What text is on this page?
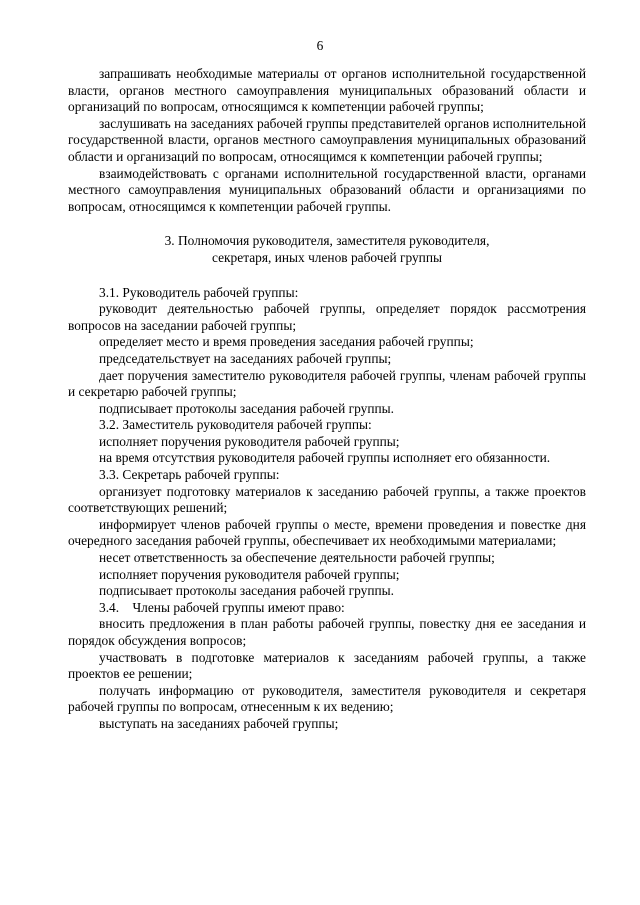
6

запрашивать необходимые материалы от органов исполнительной государственной власти, органов местного самоуправления муниципальных образований области и организаций по вопросам, относящимся к компетенции рабочей группы;

заслушивать на заседаниях рабочей группы представителей органов исполнительной государственной власти, органов местного самоуправления муниципальных образований области и организаций по вопросам, относящимся к компетенции рабочей группы;

взаимодействовать с органами исполнительной государственной власти, органами местного самоуправления муниципальных образований области и организациями по вопросам, относящимся к компетенции рабочей группы.

3. Полномочия руководителя, заместителя руководителя,

секретаря, иных членов рабочей группы

3.1. Руководитель рабочей группы:

руководит деятельностью рабочей группы, определяет порядок рассмотрения вопросов на заседании рабочей группы;

определяет место и время проведения заседания рабочей группы;

председательствует на заседаниях рабочей группы;

дает поручения заместителю руководителя рабочей группы, членам рабочей группы и секретарю рабочей группы;

подписывает протоколы заседания рабочей группы.

3.2. Заместитель руководителя рабочей группы:

исполняет поручения руководителя рабочей группы;

на время отсутствия руководителя рабочей группы исполняет его обязанности.

3.3. Секретарь рабочей группы:

организует подготовку материалов к заседанию рабочей группы, а также проектов соответствующих решений;

информирует членов рабочей группы о месте, времени проведения и повестке дня очередного заседания рабочей группы, обеспечивает их необходимыми материалами;

несет ответственность за обеспечение деятельности рабочей группы;

исполняет поручения руководителя рабочей группы;

подписывает протоколы заседания рабочей группы.

3.4.    Члены рабочей группы имеют право:

вносить предложения в план работы рабочей группы, повестку дня ее заседания и порядок обсуждения вопросов;

участвовать в подготовке материалов к заседаниям рабочей группы, а также проектов ее решении;

получать информацию от руководителя, заместителя руководителя и секретаря рабочей группы по вопросам, отнесенным к их ведению;

выступать на заседаниях рабочей группы;
